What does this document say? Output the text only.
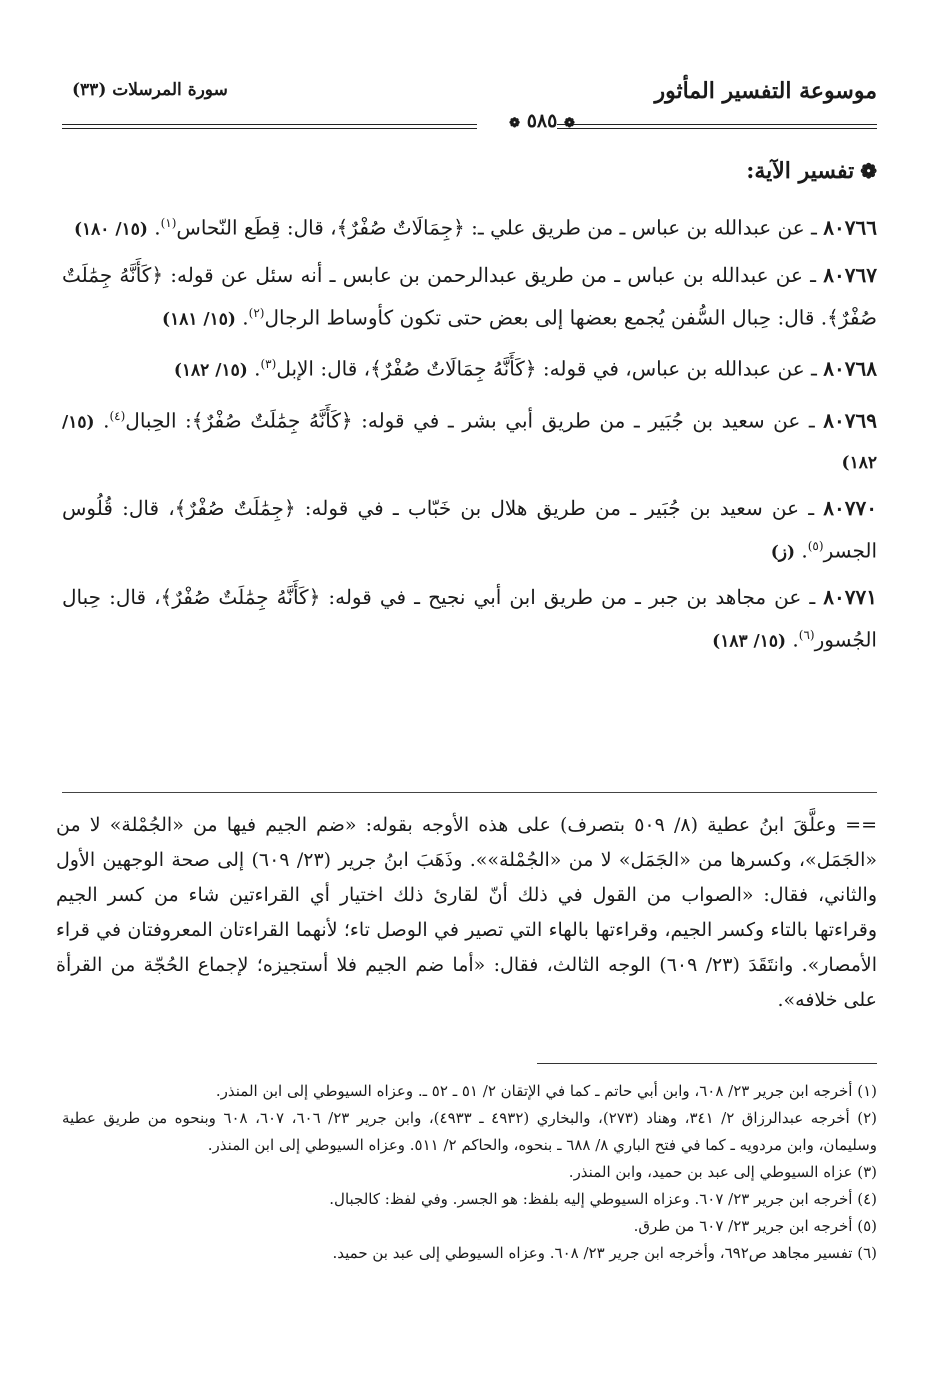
موسوعة التفسير المأثور
سورة المرسلات (٣٣)
❁ ٥٨٥ ❁
❁تفسير الآية:
٨٠٧٦٦ ـ عن عبدالله بن عباس ـ من طريق علي ـ: ﴿جِمَالَاتٌ صُفْرٌ﴾، قال: قِطَع النّحاس$^{(١)}$. (١٥/ ١٨٠)
٨٠٧٦٧ ـ عن عبدالله بن عباس ـ من طريق عبدالرحمن بن عابس ـ أنه سئل عن قوله: ﴿كَأَنَّهُ جِمَٰلَتٌ صُفْرٌ﴾. قال: حِبال السُّفن يُجمع بعضها إلى بعض حتى تكون كأوساط الرجال$^{(٢)}$. (١٥/ ١٨١)
٨٠٧٦٨ ـ عن عبدالله بن عباس، في قوله: ﴿كَأَنَّهُ جِمَالَاتٌ صُفْرٌ﴾، قال: الإبل$^{(٣)}$. (١٥/ ١٨٢)
٨٠٧٦٩ ـ عن سعيد بن جُبَير ـ من طريق أبي بشر ـ في قوله: ﴿كَأَنَّهُ جِمَٰلَتٌ صُفْرٌ﴾: الحِبال$^{(٤)}$. (١٥/ ١٨٢)
٨٠٧٧٠ ـ عن سعيد بن جُبَير ـ من طريق هلال بن خَبّاب ـ في قوله: ﴿جِمَٰلَتٌ صُفْرٌ﴾، قال: قُلُوس الجسر$^{(٥)}$. (ز)
٨٠٧٧١ ـ عن مجاهد بن جبر ـ من طريق ابن أبي نجيح ـ في قوله: ﴿كَأَنَّهُ جِمَٰلَتٌ صُفْرٌ﴾، قال: حِبال الجُسور$^{(٦)}$. (١٥/ ١٨٣)
== وعلَّقَ ابنُ عطية (٨/ ٥٠٩ بتصرف) على هذه الأوجه بقوله: «ضم الجيم فيها من «الجُمْلة» لا من «الجَمَل»، وكسرها من «الجَمَل» لا من «الجُمْلة»». وذَهَبَ ابنُ جرير (٢٣/ ٦٠٩) إلى صحة الوجهين الأول والثاني، فقال: «الصواب من القول في ذلك أنّ لقارئ ذلك اختيار أي القراءتين شاء من كسر الجيم وقراءتها بالتاء وكسر الجيم، وقراءتها بالهاء التي تصير في الوصل تاء؛ لأنهما القراءتان المعروفتان في قراء الأمصار». وانتَقَدَ (٢٣/ ٦٠٩) الوجه الثالث، فقال: «أما ضم الجيم فلا أستجيزه؛ لإجماع الحُجّة من القرأة على خلافه».
(١) أخرجه ابن جرير ٢٣/ ٦٠٨، وابن أبي حاتم ـ كما في الإتقان ٢/ ٥١ ـ ٥٢ ـ. وعزاه السيوطي إلى ابن المنذر.
(٢) أخرجه عبدالرزاق ٢/ ٣٤١، وهناد (٢٧٣)، والبخاري (٤٩٣٢ ـ ٤٩٣٣)، وابن جرير ٢٣/ ٦٠٦، ٦٠٧، ٦٠٨ وبنحوه من طريق عطية وسليمان، وابن مردويه ـ كما في فتح الباري ٨/ ٦٨٨ ـ بنحوه، والحاكم ٢/ ٥١١. وعزاه السيوطي إلى ابن المنذر.
(٣) عزاه السيوطي إلى عبد بن حميد، وابن المنذر.
(٤) أخرجه ابن جرير ٢٣/ ٦٠٧. وعزاه السيوطي إليه بلفظ: هو الجسر. وفي لفظ: كالجبال.
(٥) أخرجه ابن جرير ٢٣/ ٦٠٧ من طرق.
(٦) تفسير مجاهد ص٦٩٢، وأخرجه ابن جرير ٢٣/ ٦٠٨. وعزاه السيوطي إلى عبد بن حميد.
